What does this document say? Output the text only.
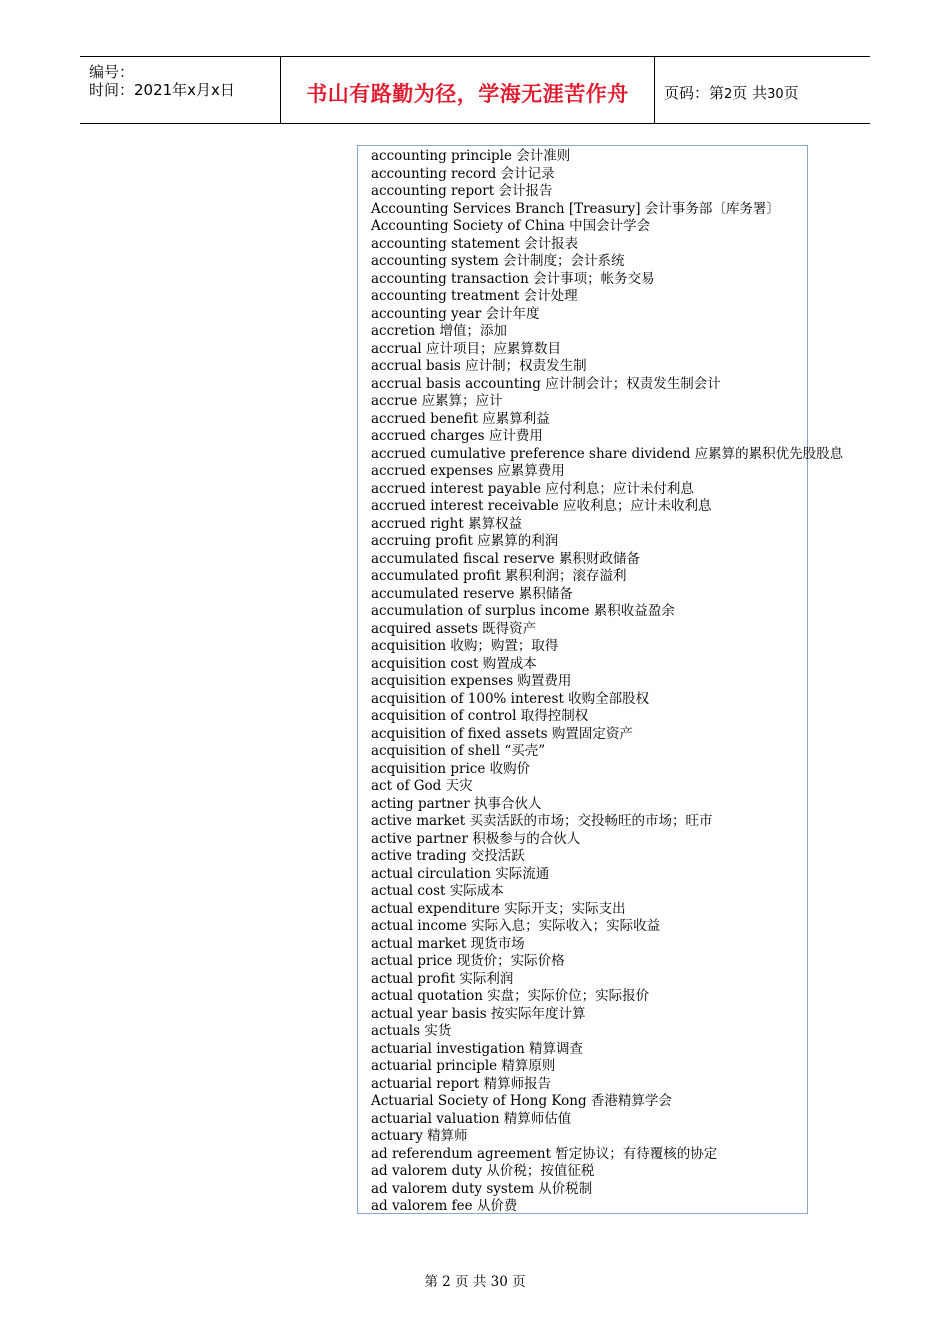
编号：
时间：2021年x月x日	书山有路勤为径，学海无涯苦作舟	页码：第2页 共30页
accounting principle 会计准则
accounting record 会计记录
accounting report 会计报告
Accounting Services Branch [Treasury] 会计事务部〔库务署〕
Accounting Society of China 中国会计学会
accounting statement 会计报表
accounting system 会计制度；会计系统
accounting transaction 会计事项；帐务交易
accounting treatment 会计处理
accounting year 会计年度
accretion 增值；添加
accrual 应计项目；应累算数目
accrual basis 应计制；权责发生制
accrual basis accounting 应计制会计；权责发生制会计
accrue 应累算；应计
accrued benefit 应累算利益
accrued charges 应计费用
accrued cumulative preference share dividend 应累算的累积优先股股息
accrued expenses 应累算费用
accrued interest payable 应付利息；应计未付利息
accrued interest receivable 应收利息；应计未收利息
accrued right 累算权益
accruing profit 应累算的利润
accumulated fiscal reserve 累积财政储备
accumulated profit 累积利润；滚存溢利
accumulated reserve 累积储备
accumulation of surplus income 累积收益盈余
acquired assets 既得资产
acquisition 收购；购置；取得
acquisition cost 购置成本
acquisition expenses 购置费用
acquisition of 100% interest 收购全部股权
acquisition of control 取得控制权
acquisition of fixed assets 购置固定资产
acquisition of shell “买壳”
acquisition price 收购价
act of God 天灾
acting partner 执事合伙人
active market 买卖活跃的市场；交投畅旺的市场；旺市
active partner 积极参与的合伙人
active trading 交投活跃
actual circulation 实际流通
actual cost 实际成本
actual expenditure 实际开支；实际支出
actual income 实际入息；实际收入；实际收益
actual market 现货市场
actual price 现货价；实际价格
actual profit 实际利润
actual quotation 实盘；实际价位；实际报价
actual year basis 按实际年度计算
actuals 实货
actuarial investigation 精算调查
actuarial principle 精算原则
actuarial report 精算师报告
Actuarial Society of Hong Kong 香港精算学会
actuarial valuation 精算师估值
actuary 精算师
ad referendum agreement 暂定协议；有待覆核的协定
ad valorem duty 从价税；按值征税
ad valorem duty system 从价税制
ad valorem fee 从价费
第 2 页 共 30 页
